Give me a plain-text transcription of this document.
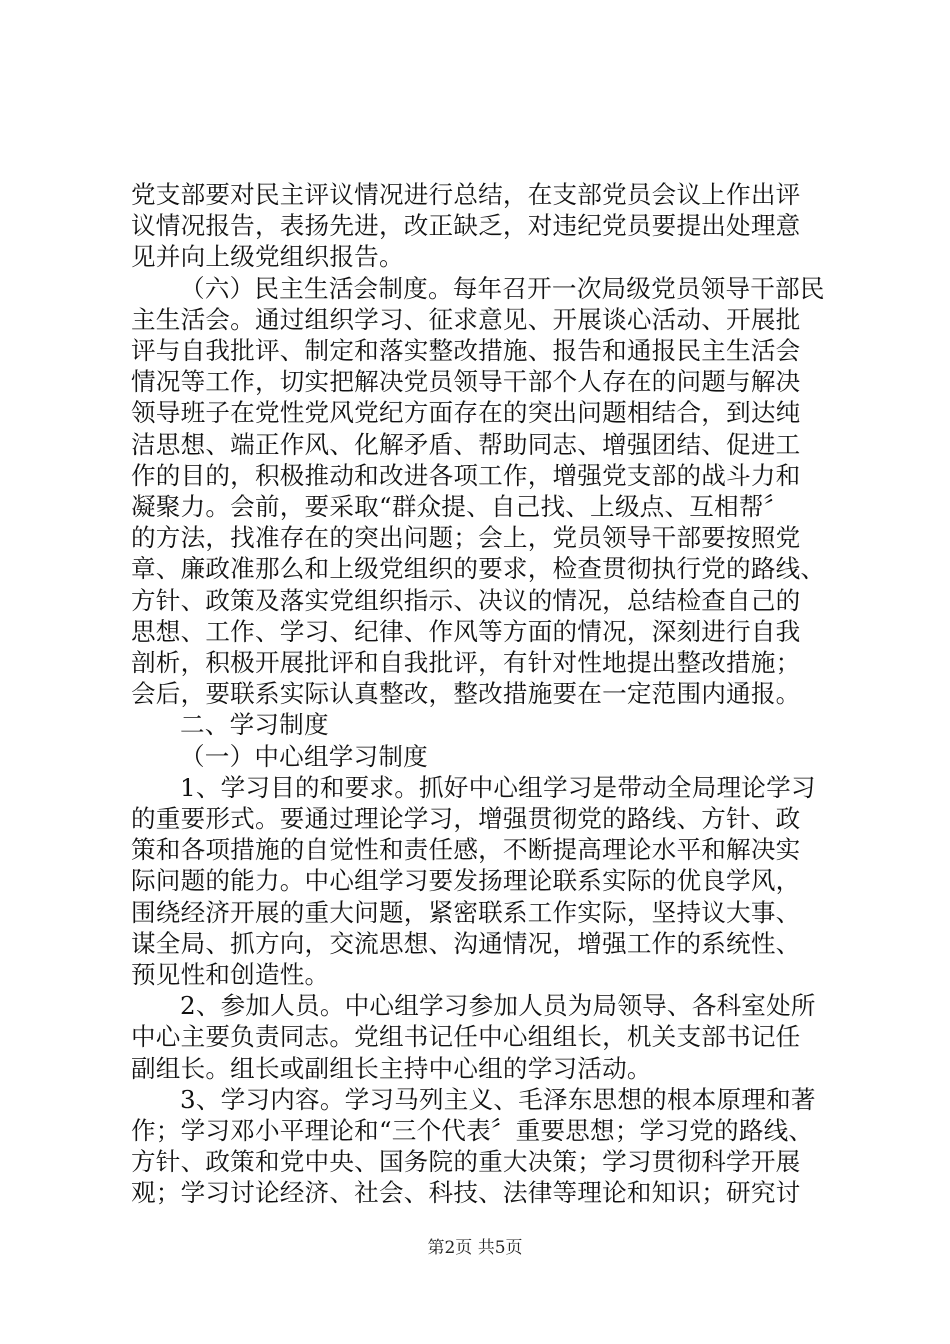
党支部要对民主评议情况进行总结，在支部党员会议上作出评
议情况报告，表扬先进，改正缺乏，对违纪党员要提出处理意
见并向上级党组织报告。
（六）民主生活会制度。每年召开一次局级党员领导干部民
主生活会。通过组织学习、征求意见、开展谈心活动、开展批
评与自我批评、制定和落实整改措施、报告和通报民主生活会
情况等工作，切实把解决党员领导干部个人存在的问题与解决
领导班子在党性党风党纪方面存在的突出问题相结合，到达纯
洁思想、端正作风、化解矛盾、帮助同志、增强团结、促进工
作的目的，积极推动和改进各项工作，增强党支部的战斗力和
凝聚力。会前，要采取“群众提、自己找、上级点、互相帮〞
的方法，找准存在的突出问题；会上，党员领导干部要按照党
章、廉政准那么和上级党组织的要求，检查贯彻执行党的路线、
方针、政策及落实党组织指示、决议的情况，总结检查自己的
思想、工作、学习、纪律、作风等方面的情况，深刻进行自我
剖析，积极开展批评和自我批评，有针对性地提出整改措施；
会后，要联系实际认真整改，整改措施要在一定范围内通报。
二、学习制度
（一）中心组学习制度
1、学习目的和要求。抓好中心组学习是带动全局理论学习
的重要形式。要通过理论学习，增强贯彻党的路线、方针、政
策和各项措施的自觉性和责任感，不断提高理论水平和解决实
际问题的能力。中心组学习要发扬理论联系实际的优良学风，
围绕经济开展的重大问题，紧密联系工作实际，坚持议大事、
谋全局、抓方向，交流思想、沟通情况，增强工作的系统性、
预见性和创造性。
2、参加人员。中心组学习参加人员为局领导、各科室处所
中心主要负责同志。党组书记任中心组组长，机关支部书记任
副组长。组长或副组长主持中心组的学习活动。
3、学习内容。学习马列主义、毛泽东思想的根本原理和著
作；学习邓小平理论和“三个代表〞重要思想；学习党的路线、
方针、政策和党中央、国务院的重大决策；学习贯彻科学开展
观；学习讨论经济、社会、科技、法律等理论和知识；研究讨
第2页 共5页
